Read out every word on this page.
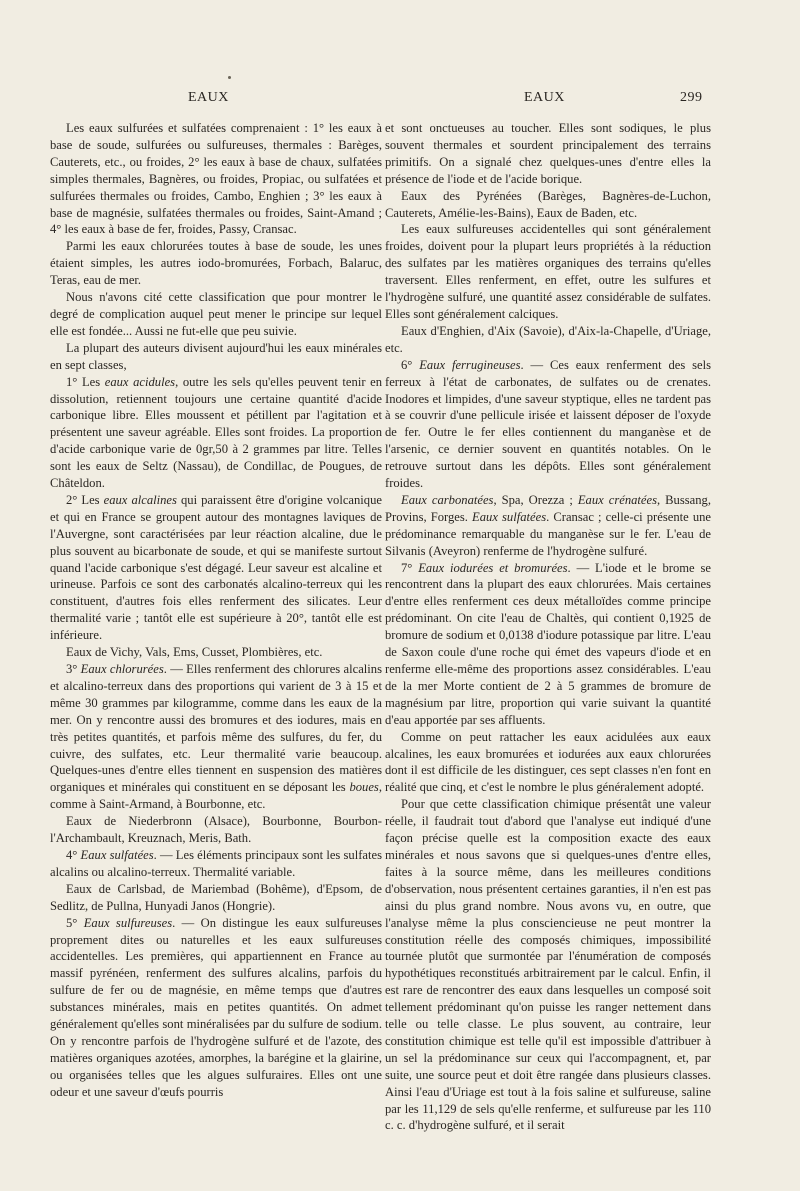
EAUX	EAUX	299

Les eaux sulfurées et sulfatées comprenaient : 1° les eaux à base de soude, sulfurées ou sulfureuses, thermales : Barèges, Cauterets, etc., ou froides, 2° les eaux à base de chaux, sulfatées simples thermales, Bagnères, ou froides, Propiac, ou sulfatées et sulfurées thermales ou froides, Cambo, Enghien ; 3° les eaux à base de magnésie, sulfatées thermales ou froides, Saint-Amand ; 4° les eaux à base de fer, froides, Passy, Cransac.

Parmi les eaux chlorurées toutes à base de soude, les unes étaient simples, les autres iodo-bromurées, Forbach, Balaruc, Teras, eau de mer.

Nous n'avons cité cette classification que pour montrer le degré de complication auquel peut mener le principe sur lequel elle est fondée... Aussi ne fut-elle que peu suivie.

La plupart des auteurs divisent aujourd'hui les eaux minérales en sept classes,

1° Les eaux acidules, outre les sels qu'elles peuvent tenir en dissolution, retiennent toujours une certaine quantité d'acide carbonique libre. Elles moussent et pétillent par l'agitation et présentent une saveur agréable. Elles sont froides. La proportion d'acide carbonique varie de 0gr,50 à 2 grammes par litre. Telles sont les eaux de Seltz (Nassau), de Condillac, de Pougues, de Châteldon.

2° Les eaux alcalines qui paraissent être d'origine volcanique et qui en France se groupent autour des montagnes laviques de l'Auvergne, sont caractérisées par leur réaction alcaline, due le plus souvent au bicarbonate de soude, et qui se manifeste surtout quand l'acide carbonique s'est dégagé. Leur saveur est alcaline et urineuse. Parfois ce sont des carbonatés alcalino-terreux qui les constituent, d'autres fois elles renferment des silicates. Leur thermalité varie ; tantôt elle est supérieure à 20°, tantôt elle est inférieure.

Eaux de Vichy, Vals, Ems, Cusset, Plombières, etc.

3° Eaux chlorurées. — Elles renferment des chlorures alcalins et alcalino-terreux dans des proportions qui varient de 3 à 15 et même 30 grammes par kilogramme, comme dans les eaux de la mer. On y rencontre aussi des bromures et des iodures, mais en très petites quantités, et parfois même des sulfures, du fer, du cuivre, des sulfates, etc. Leur thermalité varie beaucoup. Quelques-unes d'entre elles tiennent en suspension des matières organiques et minérales qui constituent en se déposant les boues, comme à Saint-Armand, à Bourbonne, etc.

Eaux de Niederbronn (Alsace), Bourbonne, Bourbon-l'Archambault, Kreuznach, Meris, Bath.

4° Eaux sulfatées. — Les éléments principaux sont les sulfates alcalins ou alcalino-terreux. Thermalité variable.

Eaux de Carlsbad, de Mariembad (Bohême), d'Epsom, de Sedlitz, de Pullna, Hunyadi Janos (Hongrie).

5° Eaux sulfureuses. — On distingue les eaux sulfureuses proprement dites ou naturelles et les eaux sulfureuses accidentelles. Les premières, qui appartiennent en France au massif pyrénéen, renferment des sulfures alcalins, parfois du sulfure de fer ou de magnésie, en même temps que d'autres substances minérales, mais en petites quantités. On admet généralement qu'elles sont minéralisées par du sulfure de sodium. On y rencontre parfois de l'hydrogène sulfuré et de l'azote, des matières organiques azotées, amorphes, la barégine et la glairine, ou organisées telles que les algues sulfuraires. Elles ont une odeur et une saveur d'œufs pourris

et sont onctueuses au toucher. Elles sont sodiques, le plus souvent thermales et sourdent principalement des terrains primitifs. On a signalé chez quelques-unes d'entre elles la présence de l'iode et de l'acide borique.

Eaux des Pyrénées (Barèges, Bagnères-de-Luchon, Cauterets, Amélie-les-Bains), Eaux de Baden, etc.

Les eaux sulfureuses accidentelles qui sont généralement froides, doivent pour la plupart leurs propriétés à la réduction des sulfates par les matières organiques des terrains qu'elles traversent. Elles renferment, en effet, outre les sulfures et l'hydrogène sulfuré, une quantité assez considérable de sulfates. Elles sont généralement calciques.

Eaux d'Enghien, d'Aix (Savoie), d'Aix-la-Chapelle, d'Uriage, etc.

6° Eaux ferrugineuses. — Ces eaux renferment des sels ferreux à l'état de carbonates, de sulfates ou de crenates. Inodores et limpides, d'une saveur styptique, elles ne tardent pas à se couvrir d'une pellicule irisée et laissent déposer de l'oxyde de fer. Outre le fer elles contiennent du manganèse et de l'arsenic, ce dernier souvent en quantités notables. On le retrouve surtout dans les dépôts. Elles sont généralement froides.

Eaux carbonatées, Spa, Orezza ; Eaux crénatées, Bussang, Provins, Forges. Eaux sulfatées. Cransac ; celle-ci présente une prédominance remarquable du manganèse sur le fer. L'eau de Silvanis (Aveyron) renferme de l'hydrogène sulfuré.

7° Eaux iodurées et bromurées. — L'iode et le brome se rencontrent dans la plupart des eaux chlorurées. Mais certaines d'entre elles renferment ces deux métalloïdes comme principe prédominant. On cite l'eau de Chaltès, qui contient 0,1925 de bromure de sodium et 0,0138 d'iodure potassique par litre. L'eau de Saxon coule d'une roche qui émet des vapeurs d'iode et en renferme elle-même des proportions assez considérables. L'eau de la mer Morte contient de 2 à 5 grammes de bromure de magnésium par litre, proportion qui varie suivant la quantité d'eau apportée par ses affluents.

Comme on peut rattacher les eaux acidulées aux eaux alcalines, les eaux bromurées et iodurées aux eaux chlorurées dont il est difficile de les distinguer, ces sept classes n'en font en réalité que cinq, et c'est le nombre le plus généralement adopté.

Pour que cette classification chimique présentât une valeur réelle, il faudrait tout d'abord que l'analyse eut indiqué d'une façon précise quelle est la composition exacte des eaux minérales et nous savons que si quelques-unes d'entre elles, faites à la source même, dans les meilleures conditions d'observation, nous présentent certaines garanties, il n'en est pas ainsi du plus grand nombre. Nous avons vu, en outre, que l'analyse même la plus consciencieuse ne peut montrer la constitution réelle des composés chimiques, impossibilité tournée plutôt que surmontée par l'énumération de composés hypothétiques reconstitués arbitrairement par le calcul. Enfin, il est rare de rencontrer des eaux dans lesquelles un composé soit tellement prédominant qu'on puisse les ranger nettement dans telle ou telle classe. Le plus souvent, au contraire, leur constitution chimique est telle qu'il est impossible d'attribuer à un sel la prédominance sur ceux qui l'accompagnent, et, par suite, une source peut et doit être rangée dans plusieurs classes. Ainsi l'eau d'Uriage est tout à la fois saline et sulfureuse, saline par les 11,129 de sels qu'elle renferme, et sulfureuse par les 110 c. c. d'hydrogène sulfuré, et il serait
